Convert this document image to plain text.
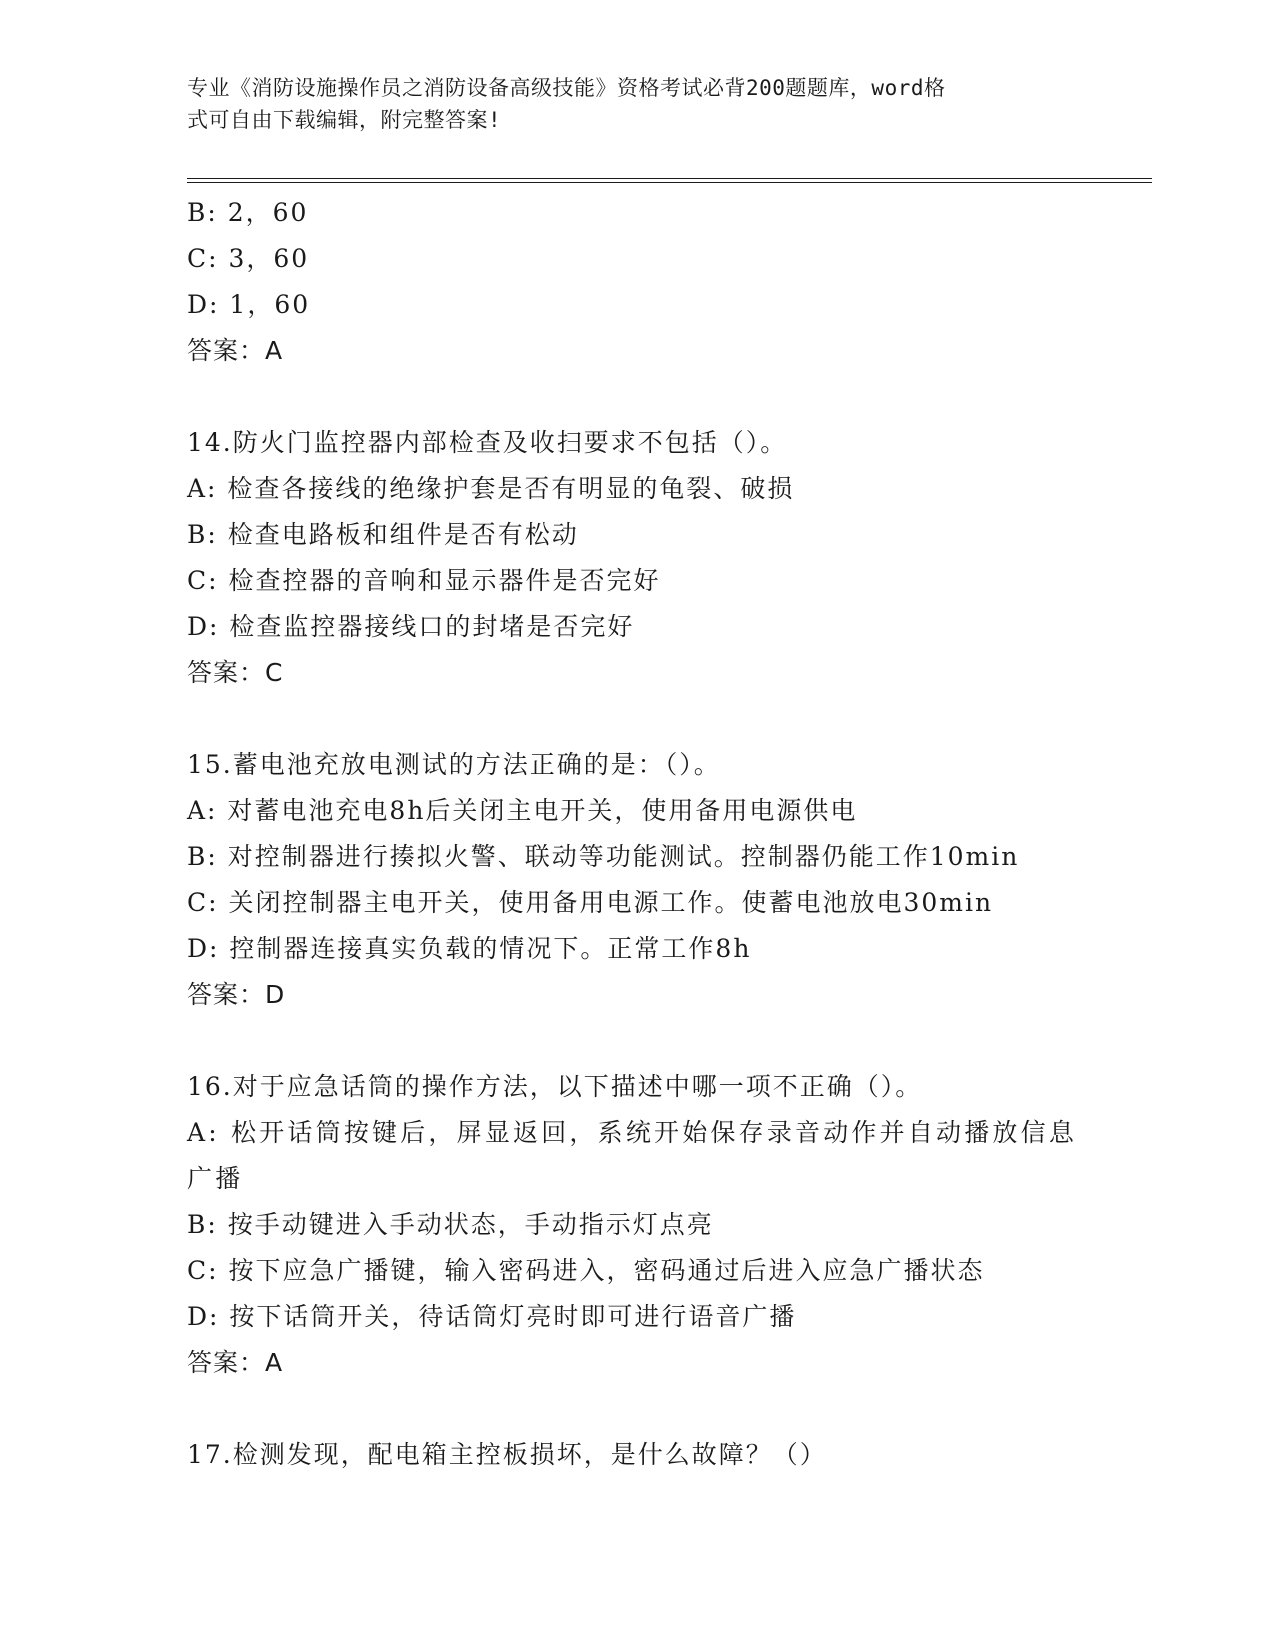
专业《消防设施操作员之消防设备高级技能》资格考试必背200题题库，word格
式可自由下载编辑，附完整答案!
B: 2，60
C: 3，60
D: 1，60
答案：A
14.防火门监控器内部检查及收扫要求不包括（）。
A: 检查各接线的绝缘护套是否有明显的龟裂、破损
B: 检查电路板和组件是否有松动
C: 检查控器的音响和显示器件是否完好
D: 检查监控器接线口的封堵是否完好
答案：C
15.蓄电池充放电测试的方法正确的是：（）。
A: 对蓄电池充电8h后关闭主电开关，使用备用电源供电
B: 对控制器进行揍拟火警、联动等功能测试。控制器仍能工作10min
C: 关闭控制器主电开关，使用备用电源工作。使蓄电池放电30min
D: 控制器连接真实负载的情况下。正常工作8h
答案：D
16.对于应急话筒的操作方法，以下描述中哪一项不正确（）。
A: 松开话筒按键后，屏显返回，系统开始保存录音动作并自动播放信息广播
B: 按手动键进入手动状态，手动指示灯点亮
C: 按下应急广播键，输入密码进入，密码通过后进入应急广播状态
D: 按下话筒开关，待话筒灯亮时即可进行语音广播
答案：A
17.检测发现，配电箱主控板损坏，是什么故障？（）
